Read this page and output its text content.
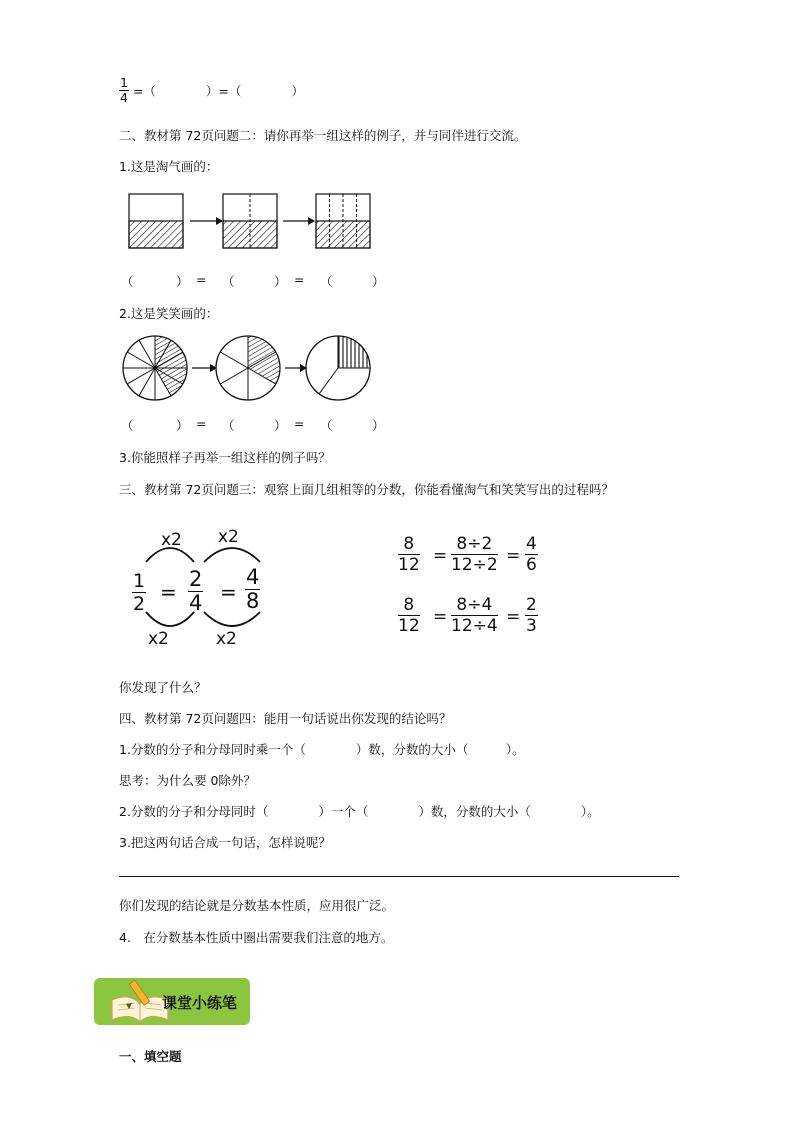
$\frac{1}{4}$ =（　　　　）=（　　　　）
二、教材第 72页问题二：请你再举一组这样的例子，并与同伴进行交流。
1.这是淘气画的：
（	） = （	） = （	）
2.这是笑笑画的：
（	） = （	） = （	）
3.你能照样子再举一组这样的例子吗？
三、教材第 72页问题三：观察上面几组相等的分数，你能看懂淘气和笑笑写出的过程吗？
x2 x2
x2	x2
$\frac{1}{2} = \frac{2}{4} = \frac{4}{8}$
$\frac{8}{12} = \frac{8\div 2}{12\div 2} = \frac{4}{6}$
$\frac{8}{12} = \frac{8\div 4}{12\div 4} = \frac{2}{3}$
你发现了什么？
四、教材第 72页问题四：能用一句话说出你发现的结论吗？
1.分数的分子和分母同时乘一个（　　　　）数，分数的大小（　　　）。
思考：为什么要 0除外？
2.分数的分子和分母同时（　　　　）一个（　　　　）数，分数的大小（　　　　）。
3.把这两句话合成一句话，怎样说呢？
你们发现的结论就是分数基本性质，应用很广泛。
4.　在分数基本性质中圈出需要我们注意的地方。
课堂小练笔
一、填空题
